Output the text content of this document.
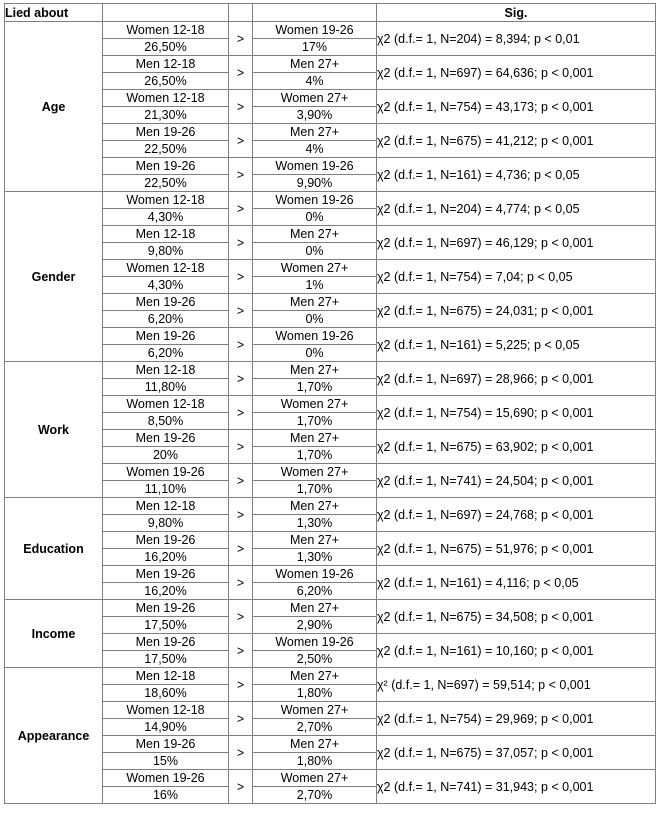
Lied about				Sig.
Age	Women 12-18	>	Women 19-26	χ2 (d.f.= 1, N=204) = 8,394; p < 0,01
	26,50%		17%	
	Men 12-18	>	Men 27+	χ2 (d.f.= 1, N=697) = 64,636; p < 0,001
	26,50%		4%	
	Women 12-18	>	Women 27+	χ2 (d.f.= 1, N=754) = 43,173; p < 0,001
	21,30%		3,90%	
	Men 19-26	>	Men 27+	χ2 (d.f.= 1, N=675) = 41,212; p < 0,001
	22,50%		4%	
	Men 19-26	>	Women 19-26	χ2 (d.f.= 1, N=161) = 4,736; p < 0,05
	22,50%		9,90%	
Gender	Women 12-18	>	Women 19-26	χ2 (d.f.= 1, N=204) = 4,774; p < 0,05
	4,30%		0%	
	Men 12-18	>	Men 27+	χ2 (d.f.= 1, N=697) = 46,129; p < 0,001
	9,80%		0%	
	Women 12-18	>	Women 27+	χ2 (d.f.= 1, N=754) = 7,04; p < 0,05
	4,30%		1%	
	Men 19-26	>	Men 27+	χ2 (d.f.= 1, N=675) = 24,031; p < 0,001
	6,20%		0%	
	Men 19-26	>	Women 19-26	χ2 (d.f.= 1, N=161) = 5,225; p < 0,05
	6,20%		0%	
Work	Men 12-18	>	Men 27+	χ2 (d.f.= 1, N=697) = 28,966; p < 0,001
	11,80%		1,70%	
	Women 12-18	>	Women 27+	χ2 (d.f.= 1, N=754) = 15,690; p < 0,001
	8,50%		1,70%	
	Men 19-26	>	Men 27+	χ2 (d.f.= 1, N=675) = 63,902; p < 0,001
	20%		1,70%	
	Women 19-26	>	Women 27+	χ2 (d.f.= 1, N=741) = 24,504; p < 0,001
	11,10%		1,70%	
Education	Men 12-18	>	Men 27+	χ2 (d.f.= 1, N=697) = 24,768; p < 0,001
	9,80%		1,30%	
	Men 19-26	>	Men 27+	χ2 (d.f.= 1, N=675) = 51,976; p < 0,001
	16,20%		1,30%	
	Men 19-26	>	Women 19-26	χ2 (d.f.= 1, N=161) = 4,116; p < 0,05
	16,20%		6,20%	
Income	Men 19-26	>	Men 27+	χ2 (d.f.= 1, N=675) = 34,508; p < 0,001
	17,50%		2,90%	
	Men 19-26	>	Women 19-26	χ2 (d.f.= 1, N=161) = 10,160; p < 0,001
	17,50%		2,50%	
Appearance	Men 12-18	>	Men 27+	χ² (d.f.= 1, N=697) = 59,514; p < 0,001
	18,60%		1,80%	
	Women 12-18	>	Women 27+	χ2 (d.f.= 1, N=754) = 29,969; p < 0,001
	14,90%		2,70%	
	Men 19-26	>	Men 27+	χ2 (d.f.= 1, N=675) = 37,057; p < 0,001
	15%		1,80%	
	Women 19-26	>	Women 27+	χ2 (d.f.= 1, N=741) = 31,943; p < 0,001
	16%		2,70%	
